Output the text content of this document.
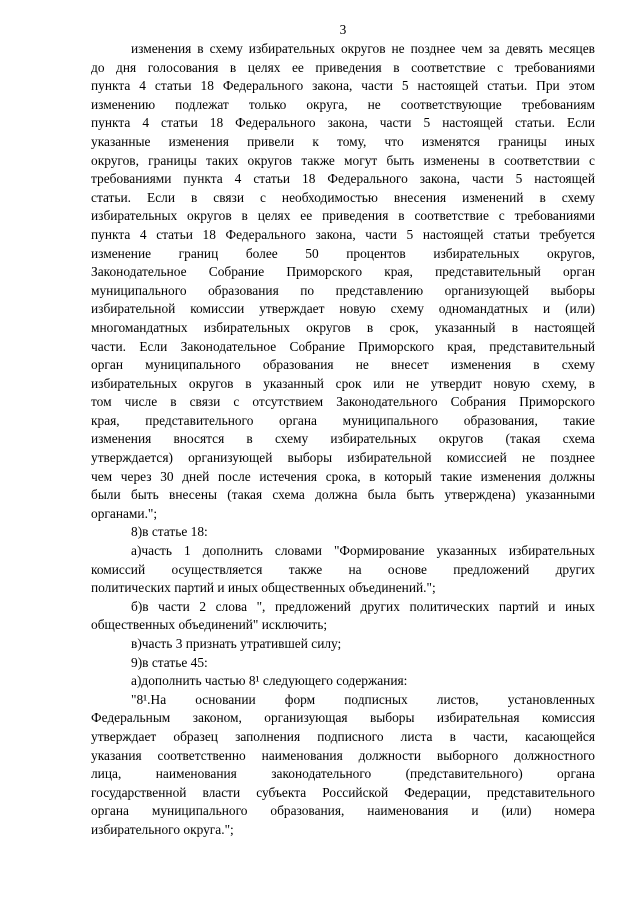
3

изменения в схему избирательных округов не позднее чем за девять месяцев

до дня голосования в целях ее приведения в соответствие с требованиями

пункта 4 статьи 18 Федерального закона, части 5 настоящей статьи. При этом

изменению подлежат только округа, не соответствующие требованиям

пункта 4 статьи 18 Федерального закона, части 5 настоящей статьи. Если

указанные изменения привели к тому, что изменятся границы иных

округов, границы таких округов также могут быть изменены в соответствии с

требованиями пункта 4 статьи 18 Федерального закона, части 5 настоящей

статьи. Если в связи с необходимостью внесения изменений в схему

избирательных округов в целях ее приведения в соответствие с требованиями

пункта 4 статьи 18 Федерального закона, части 5 настоящей статьи требуется

изменение границ более 50 процентов избирательных округов,

Законодательное Собрание Приморского края, представительный орган

муниципального образования по представлению организующей выборы

избирательной комиссии утверждает новую схему одномандатных и (или)

многомандатных избирательных округов в срок, указанный в настоящей

части. Если Законодательное Собрание Приморского края, представительный

орган муниципального образования не внесет изменения в схему

избирательных округов в указанный срок или не утвердит новую схему, в

том числе в связи с отсутствием Законодательного Собрания Приморского

края, представительного органа муниципального образования, такие

изменения вносятся в схему избирательных округов (такая схема

утверждается) организующей выборы избирательной комиссией не позднее

чем через 30 дней после истечения срока, в который такие изменения должны

были быть внесены (такая схема должна была быть утверждена) указанными

органами.";

8)в статье 18:

а)часть 1 дополнить словами "Формирование указанных избирательных

комиссий осуществляется также на основе предложений других

политических партий и иных общественных объединений.";

б)в части 2 слова ", предложений других политических партий и иных

общественных объединений" исключить;

в)часть 3 признать утратившей силу;

9)в статье 45:

а)дополнить частью 8¹ следующего содержания:

"8¹.На основании форм подписных листов, установленных

Федеральным законом, организующая выборы избирательная комиссия

утверждает образец заполнения подписного листа в части, касающейся

указания соответственно наименования должности выборного должностного

лица, наименования законодательного (представительного) органа

государственной власти субъекта Российской Федерации, представительного

органа муниципального образования, наименования и (или) номера

избирательного округа.";
